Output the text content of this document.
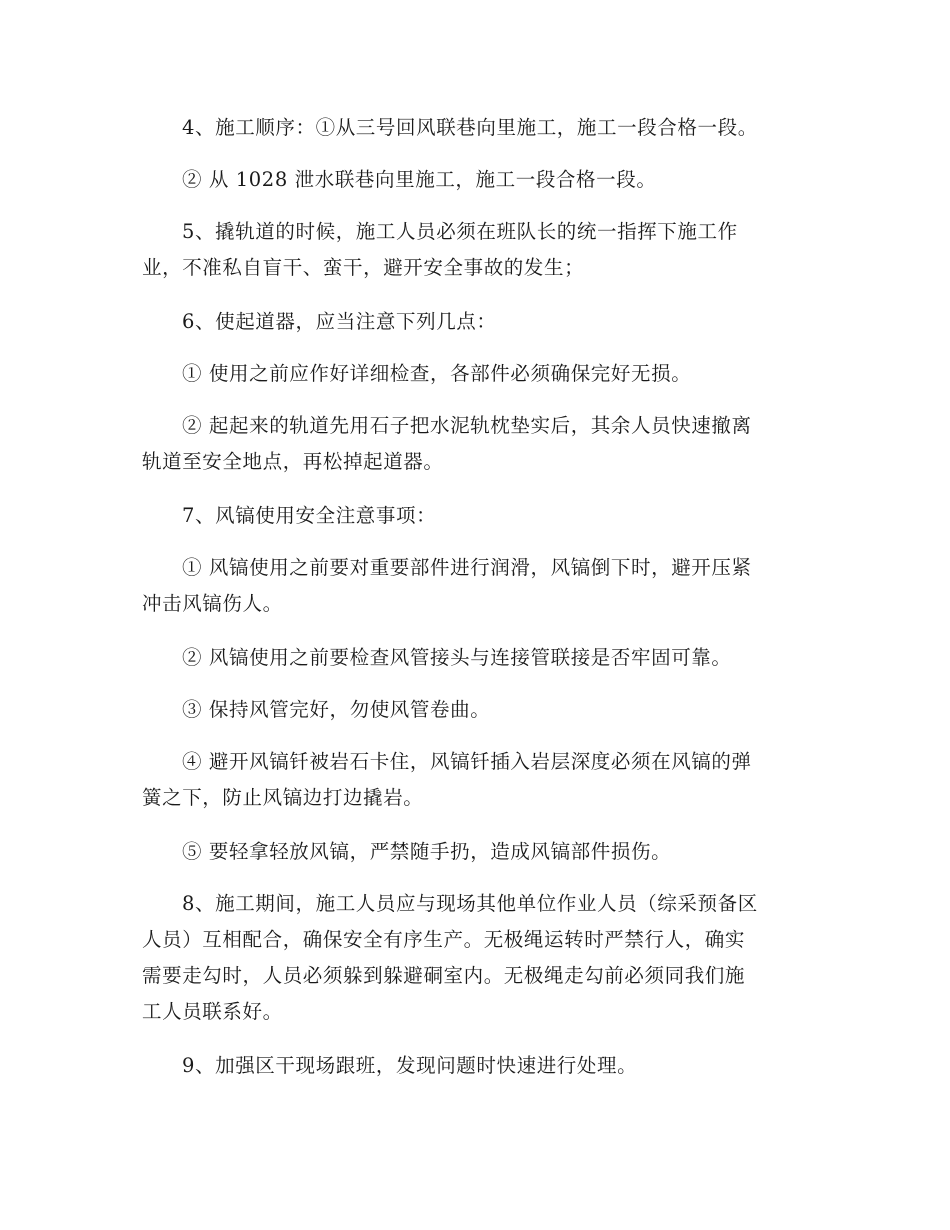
4、施工顺序：①从三号回风联巷向里施工，施工一段合格一段。

② 从 1028 泄水联巷向里施工，施工一段合格一段。

5、撬轨道的时候，施工人员必须在班队长的统一指挥下施工作
业，不准私自盲干、蛮干，避开安全事故的发生；

6、使起道器，应当注意下列几点：

① 使用之前应作好详细检查，各部件必须确保完好无损。

② 起起来的轨道先用石子把水泥轨枕垫实后，其余人员快速撤离
轨道至安全地点，再松掉起道器。

7、风镐使用安全注意事项：

① 风镐使用之前要对重要部件进行润滑，风镐倒下时，避开压紧
冲击风镐伤人。

② 风镐使用之前要检查风管接头与连接管联接是否牢固可靠。

③ 保持风管完好，勿使风管卷曲。

④ 避开风镐钎被岩石卡住，风镐钎插入岩层深度必须在风镐的弹
簧之下，防止风镐边打边撬岩。

⑤ 要轻拿轻放风镐，严禁随手扔，造成风镐部件损伤。

8、施工期间，施工人员应与现场其他单位作业人员（综采预备区
人员）互相配合，确保安全有序生产。无极绳运转时严禁行人，确实
需要走勾时，人员必须躲到躲避硐室内。无极绳走勾前必须同我们施
工人员联系好。

9、加强区干现场跟班，发现问题时快速进行处理。
